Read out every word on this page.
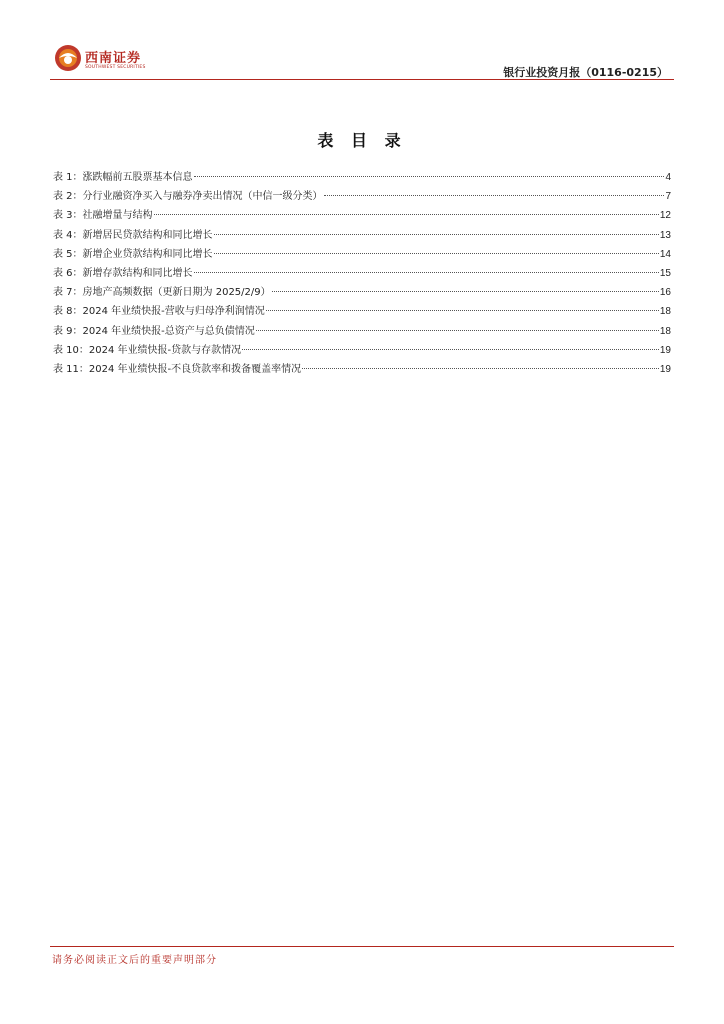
西南证券
SOUTHWEST SECURITIES	银行业投资月报（0116-0215）
表 目 录
表 1：涨跌幅前五股票基本信息	4
表 2：分行业融资净买入与融券净卖出情况（中信一级分类）	7
表 3：社融增量与结构	12
表 4：新增居民贷款结构和同比增长	13
表 5：新增企业贷款结构和同比增长	14
表 6：新增存款结构和同比增长	15
表 7：房地产高频数据（更新日期为 2025/2/9）	16
表 8：2024 年业绩快报-营收与归母净利润情况	18
表 9：2024 年业绩快报-总资产与总负债情况	18
表 10：2024 年业绩快报-贷款与存款情况	19
表 11：2024 年业绩快报-不良贷款率和拨备覆盖率情况	19
请务必阅读正文后的重要声明部分
